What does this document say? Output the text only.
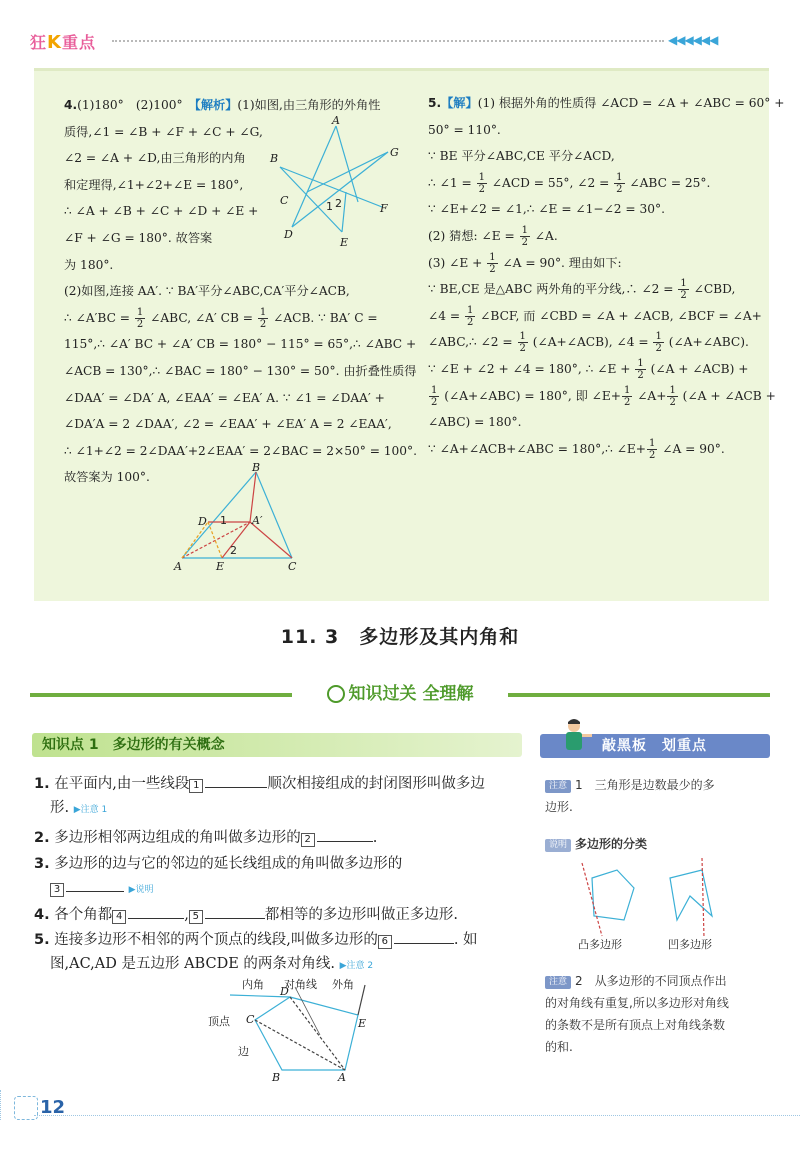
狂K重点	◀◀◀◀◀◀

4.(1)180°　(2)100°　【解析】(1)如图,由三角形的外角性

质得,∠1 = ∠B + ∠F + ∠C + ∠G,

∠2 = ∠A + ∠D,由三角形的内角

和定理得,∠1+∠2+∠E = 180°,

∴ ∠A + ∠B + ∠C + ∠D + ∠E +

∠F + ∠G = 180°. 故答案

为 180°.

(2)如图,连接 AA′. ∵ BA′平分∠ABC,CA′平分∠ACB,

∴ ∠A′BC = $\frac{1}{2}$ ∠ABC, ∠A′ CB = $\frac{1}{2}$ ∠ACB. ∵ BA′ C =

115°,∴ ∠A′ BC + ∠A′ CB = 180° − 115° = 65°,∴ ∠ABC +

∠ACB = 130°,∴ ∠BAC = 180° − 130° = 50°. 由折叠性质得

∠DAA′ = ∠DA′ A, ∠EAA′ = ∠EA′ A. ∵ ∠1 = ∠DAA′ +

∠DA′A = 2 ∠DAA′, ∠2 = ∠EAA′ + ∠EA′ A = 2 ∠EAA′,

∴ ∠1+∠2 = 2∠DAA′+2∠EAA′ = 2∠BAC = 2×50° = 100°.

故答案为 100°.

A
B	G
C
F
D
E
1 2
B
D 1 A′
2
A	E	C

5.【解】(1) 根据外角的性质得 ∠ACD = ∠A + ∠ABC = 60° +

50° = 110°.

∵ BE 平分∠ABC,CE 平分∠ACD,

∴ ∠1 = $\frac{1}{2}$ ∠ACD = 55°, ∠2 = $\frac{1}{2}$ ∠ABC = 25°.

∵ ∠E+∠2 = ∠1,∴ ∠E = ∠1−∠2 = 30°.

(2) 猜想: ∠E = $\frac{1}{2}$ ∠A.

(3) ∠E + $\frac{1}{2}$ ∠A = 90°. 理由如下:

∵ BE,CE 是△ABC 两外角的平分线,∴ ∠2 = $\frac{1}{2}$ ∠CBD,

∠4 = $\frac{1}{2}$ ∠BCF, 而 ∠CBD = ∠A + ∠ACB, ∠BCF = ∠A+

∠ABC,∴ ∠2 = $\frac{1}{2}$ (∠A+∠ACB), ∠4 = $\frac{1}{2}$ (∠A+∠ABC).

∵ ∠E + ∠2 + ∠4 = 180°, ∴ ∠E + $\frac{1}{2}$ (∠A + ∠ACB) +

$\frac{1}{2}$ (∠A+∠ABC) = 180°, 即 ∠E+ $\frac{1}{2}$ ∠A+ $\frac{1}{2}$ (∠A + ∠ACB +

∠ABC) = 180°.

∵ ∠A+∠ACB+∠ABC = 180°,∴ ∠E+ $\frac{1}{2}$ ∠A = 90°.

11. 3　多边形及其内角和
知识过关 全理解
知识点 1　多边形的有关概念

1. 在平面内,由一些线段 1	顺次相接组成的封闭图形叫做多边

形. ▶注意 1

2. 多边形相邻两边组成的角叫做多边形的 2	.

3. 多边形的边与它的邻边的延长线组成的角叫做多边形的

3	▶说明

4. 各个角都 4	, 5	都相等的多边形叫做正多边形.

5. 连接多边形不相邻的两个顶点的线段,叫做多边形的 6	. 如

图,AC,AD 是五边形 ABCDE 的两条对角线. ▶注意 2

内角 对角线 外角
顶点
边
D
C	E
B	A
敲黑板　划重点

注意 1　 三角形是边数最少的多

边形.

说明 多边形的分类

凸多边形	凹多边形

注意 2　 从多边形的不同顶点作出

的对角线有重复,所以多边形对角线

的条数不是所有顶点上对角线条数

的和.

12
